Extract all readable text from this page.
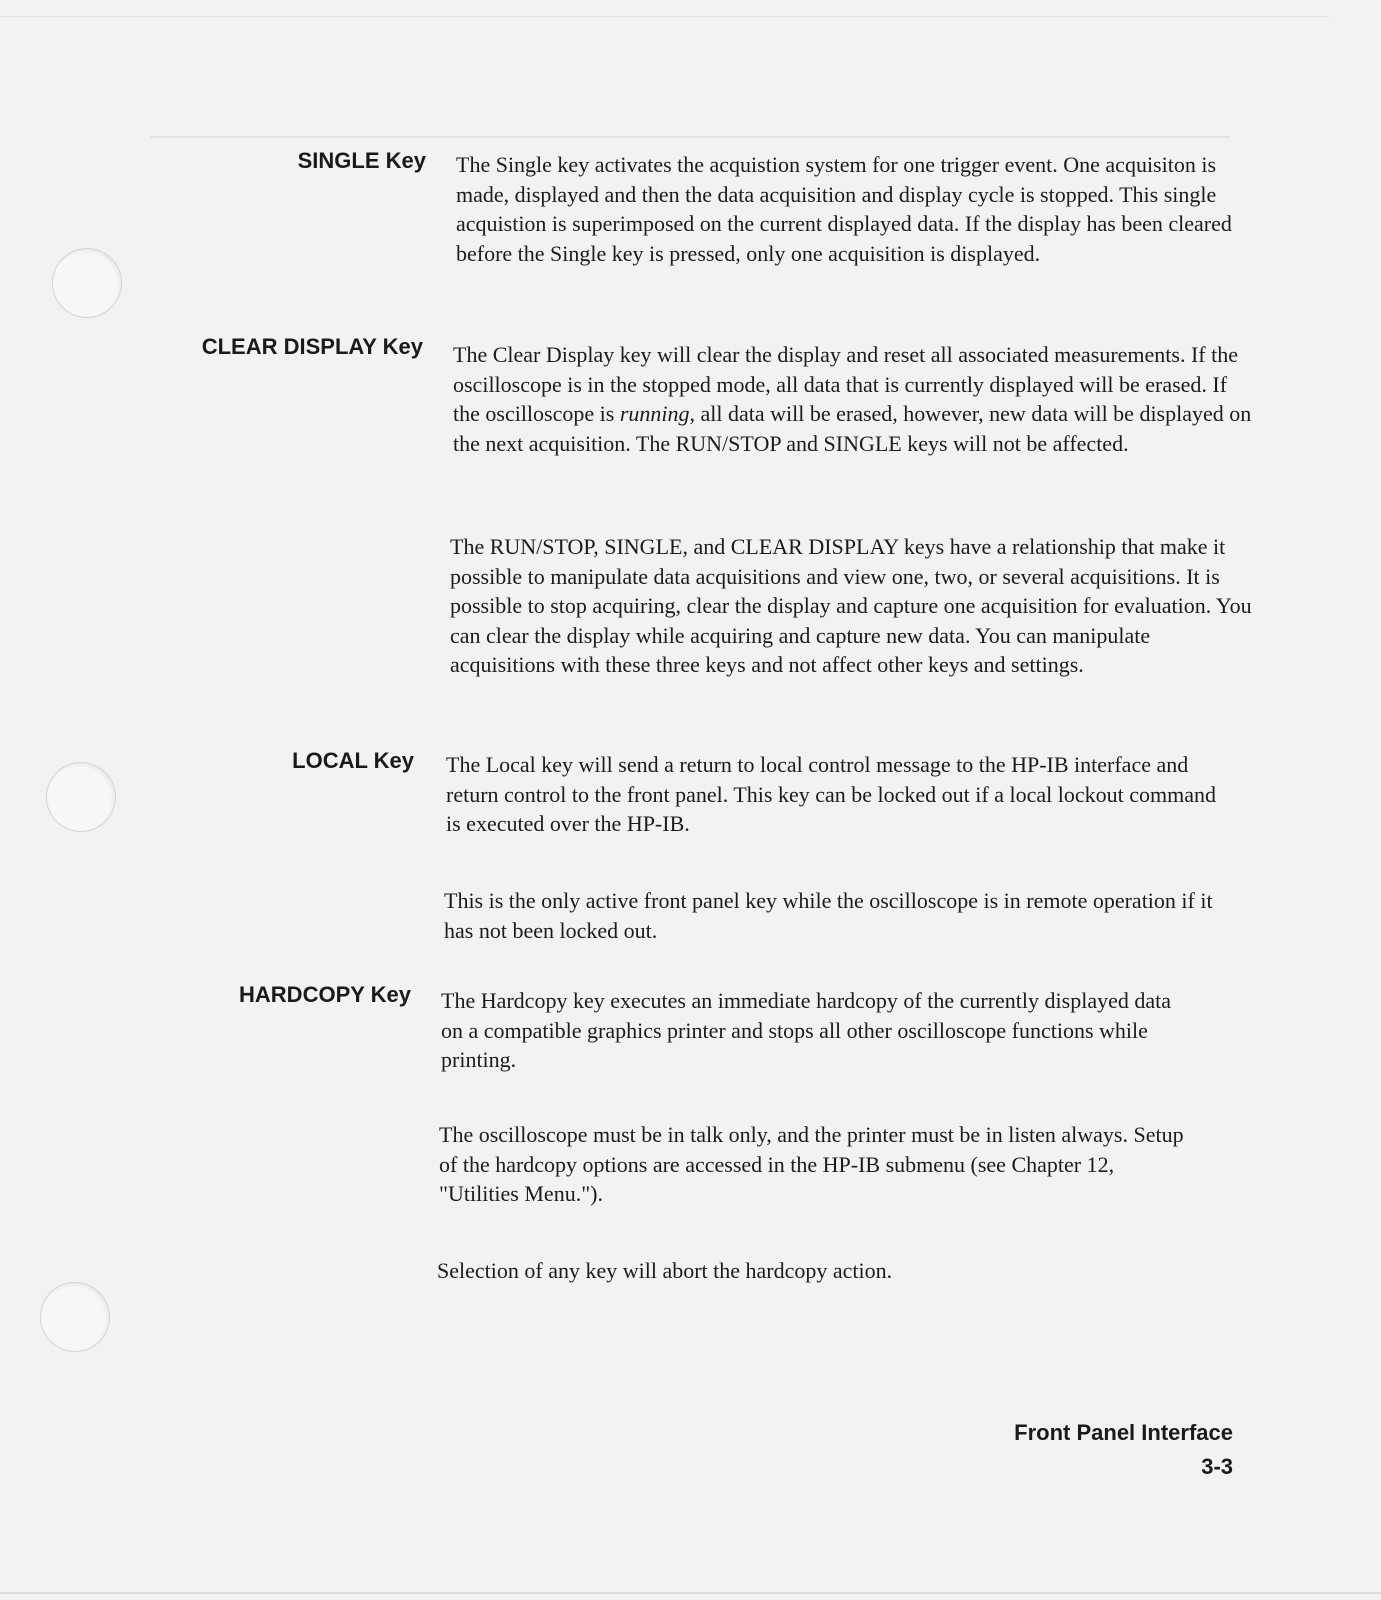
SINGLE Key The Single key activates the acquistion system for one trigger event. One acquisiton is made, displayed and then the data acquisition and display cycle is stopped. This single acquistion is superimposed on the current displayed data. If the display has been cleared before the Single key is pressed, only one acquisition is displayed.

CLEAR DISPLAY Key The Clear Display key will clear the display and reset all associated measurements. If the oscilloscope is in the stopped mode, all data that is currently displayed will be erased. If the oscilloscope is running, all data will be erased, however, new data will be displayed on the next acquisition. The RUN/STOP and SINGLE keys will not be affected.

The RUN/STOP, SINGLE, and CLEAR DISPLAY keys have a relationship that make it possible to manipulate data acquisitions and view one, two, or several acquisitions. It is possible to stop acquiring, clear the display and capture one acquisition for evaluation. You can clear the display while acquiring and capture new data. You can manipulate acquisitions with these three keys and not affect other keys and settings.

LOCAL Key The Local key will send a return to local control message to the HP-IB interface and return control to the front panel. This key can be locked out if a local lockout command is executed over the HP-IB.

This is the only active front panel key while the oscilloscope is in remote operation if it has not been locked out.

HARDCOPY Key The Hardcopy key executes an immediate hardcopy of the currently displayed data on a compatible graphics printer and stops all other oscilloscope functions while printing.

The oscilloscope must be in talk only, and the printer must be in listen always. Setup of the hardcopy options are accessed in the HP-IB submenu (see Chapter 12, "Utilities Menu.").

Selection of any key will abort the hardcopy action.

Front Panel Interface
3-3
